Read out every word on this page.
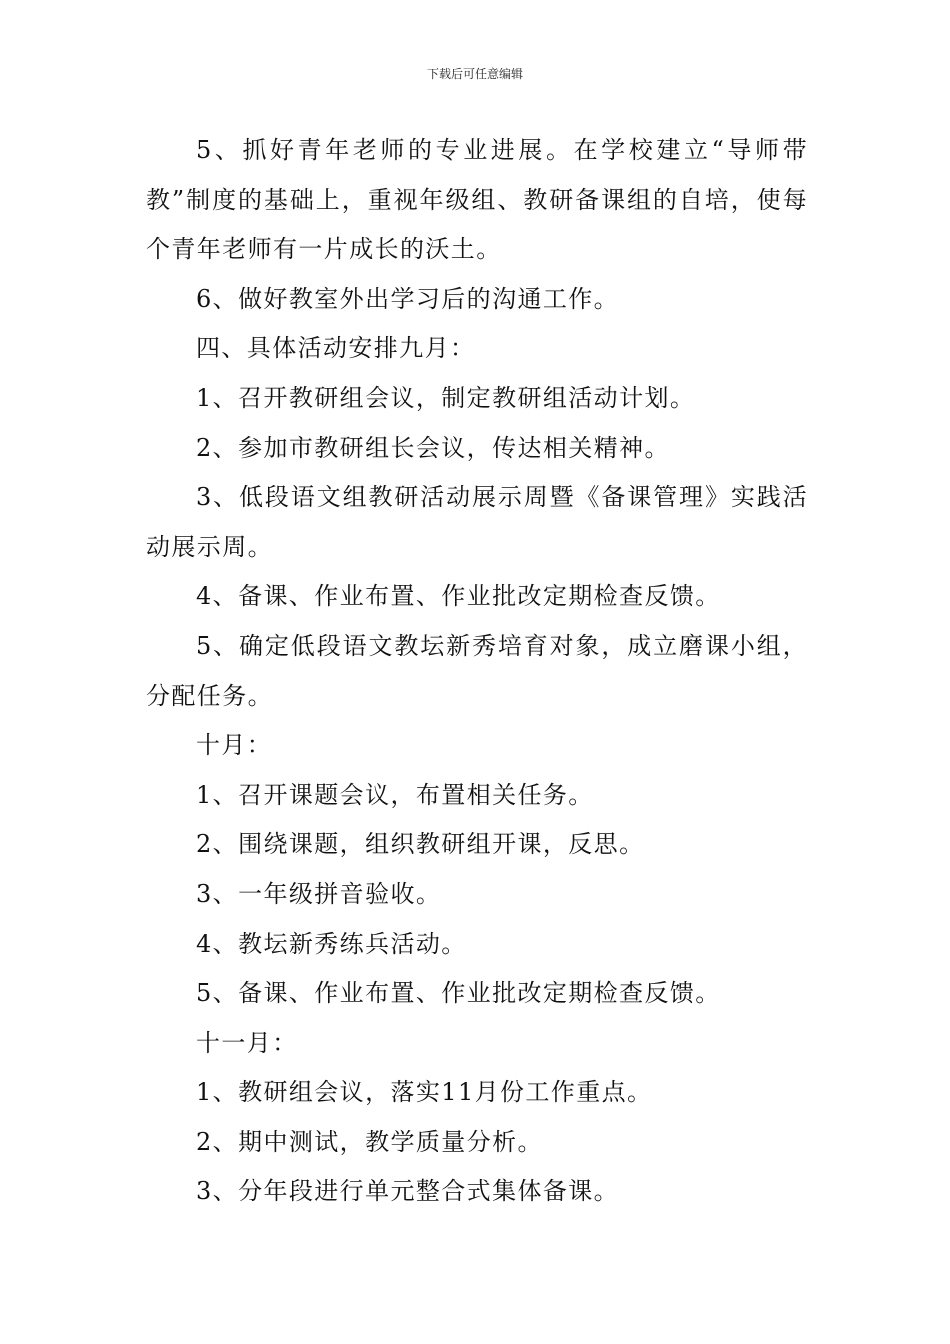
下载后可任意编辑

5、抓好青年老师的专业进展。在学校建立“导师带教”制度的基础上，重视年级组、教研备课组的自培，使每个青年老师有一片成长的沃土。

6、做好教室外出学习后的沟通工作。

四、具体活动安排九月：

1、召开教研组会议，制定教研组活动计划。

2、参加市教研组长会议，传达相关精神。

3、低段语文组教研活动展示周暨《备课管理》实践活动展示周。

4、备课、作业布置、作业批改定期检查反馈。

5、确定低段语文教坛新秀培育对象，成立磨课小组，分配任务。

十月：

1、召开课题会议，布置相关任务。

2、围绕课题，组织教研组开课，反思。

3、一年级拼音验收。

4、教坛新秀练兵活动。

5、备课、作业布置、作业批改定期检查反馈。

十一月：

1、教研组会议，落实11月份工作重点。

2、期中测试，教学质量分析。

3、分年段进行单元整合式集体备课。
